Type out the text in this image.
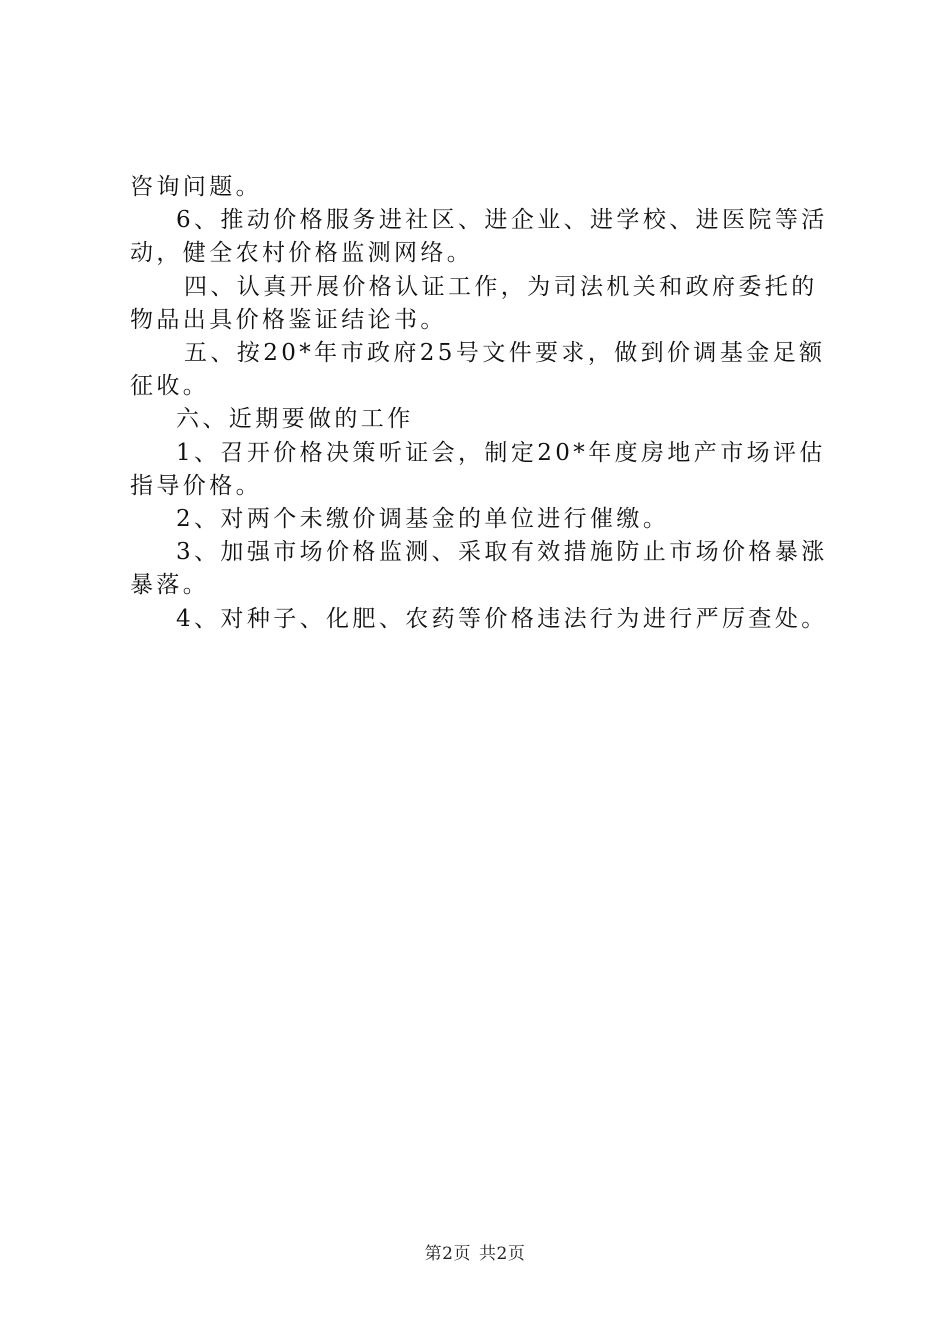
咨询问题。

6、推动价格服务进社区、进企业、进学校、进医院等活动，健全农村价格监测网络。

四、认真开展价格认证工作，为司法机关和政府委托的物品出具价格鉴证结论书。

五、按20*年市政府25号文件要求，做到价调基金足额征收。

六、近期要做的工作

1、召开价格决策听证会，制定20*年度房地产市场评估指导价格。

2、对两个未缴价调基金的单位进行催缴。

3、加强市场价格监测、采取有效措施防止市场价格暴涨暴落。

4、对种子、化肥、农药等价格违法行为进行严厉查处。

第2页 共2页
